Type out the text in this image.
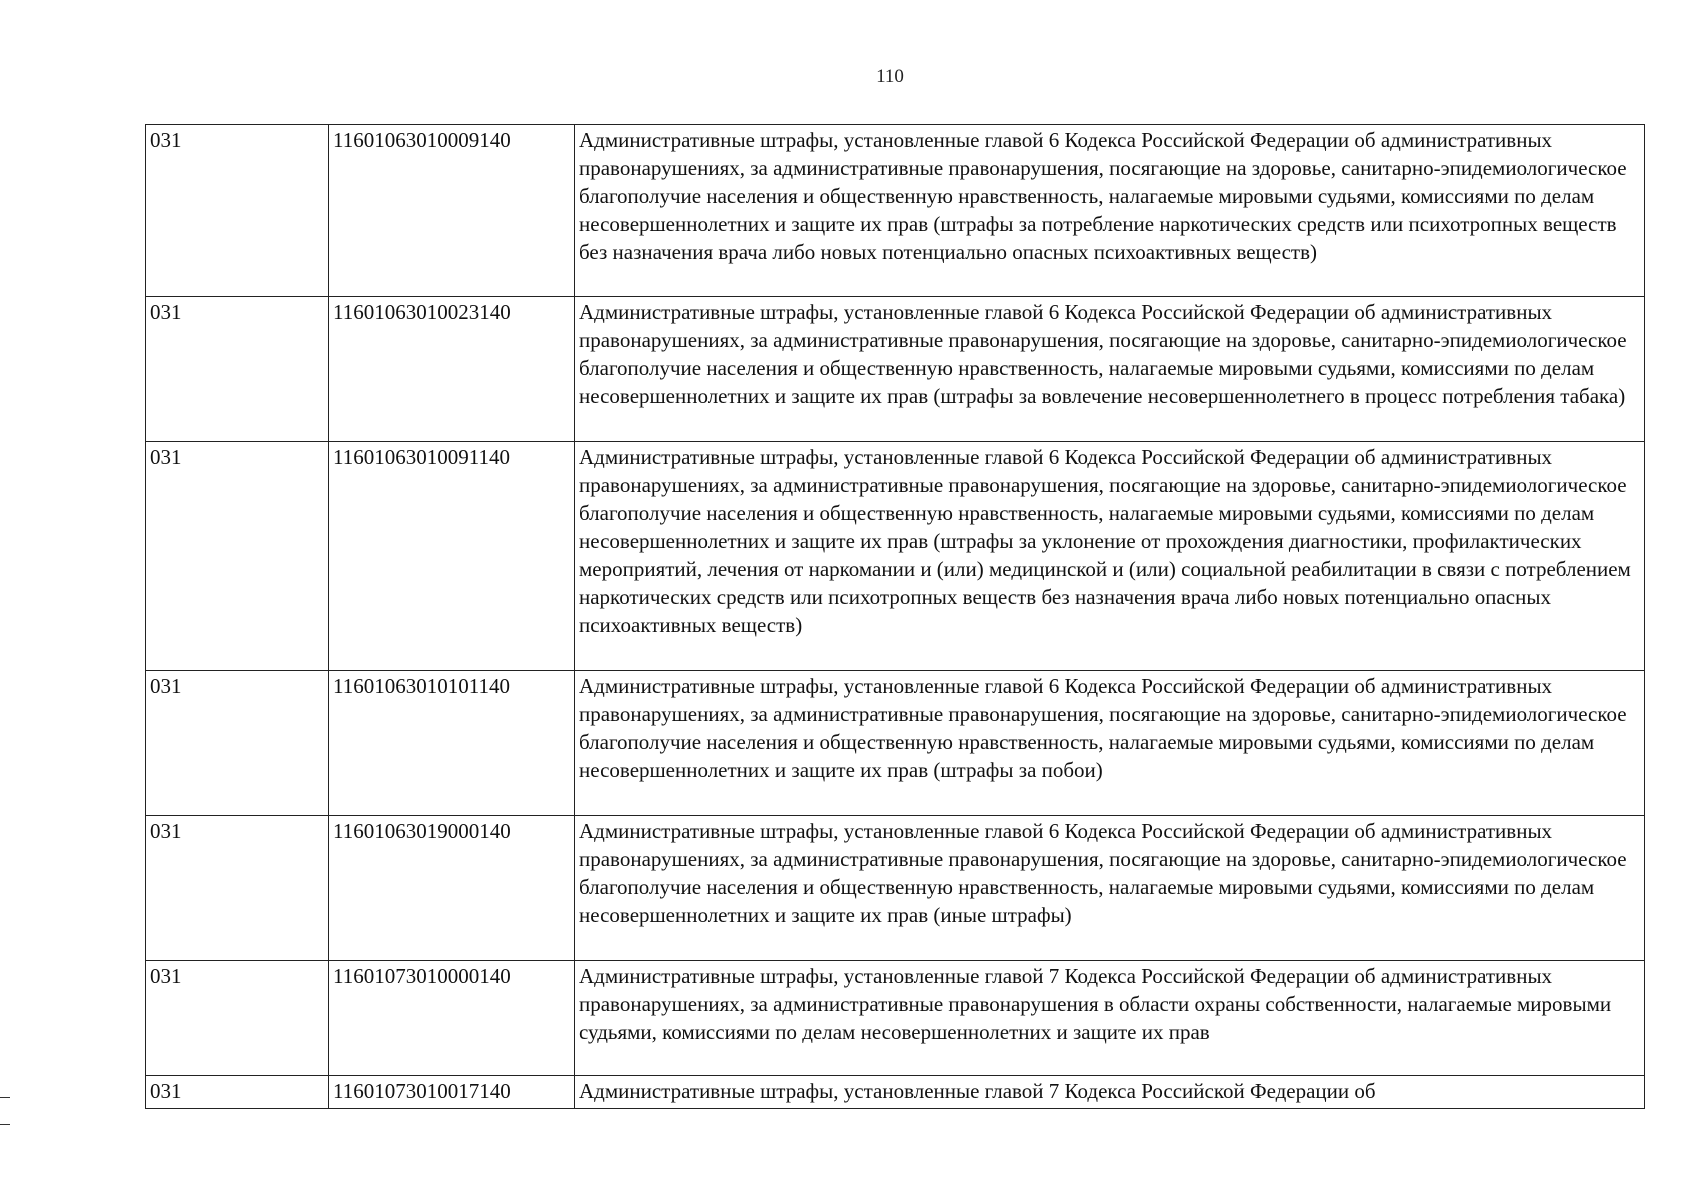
110
031	11601063010009140	Административные штрафы, установленные главой 6 Кодекса Российской Федерации об административных правонарушениях, за административные правонарушения, посягающие на здоровье, санитарно-эпидемиологическое благополучие населения и общественную нравственность, налагаемые мировыми судьями, комиссиями по делам несовершеннолетних и защите их прав (штрафы за потребление наркотических средств или психотропных веществ без назначения врача либо новых потенциально опасных психоактивных веществ)
031	11601063010023140	Административные штрафы, установленные главой 6 Кодекса Российской Федерации об административных правонарушениях, за административные правонарушения, посягающие на здоровье, санитарно-эпидемиологическое благополучие населения и общественную нравственность, налагаемые мировыми судьями, комиссиями по делам несовершеннолетних и защите их прав (штрафы за вовлечение несовершеннолетнего в процесс потребления табака)
031	11601063010091140	Административные штрафы, установленные главой 6 Кодекса Российской Федерации об административных правонарушениях, за административные правонарушения, посягающие на здоровье, санитарно-эпидемиологическое благополучие населения и общественную нравственность, налагаемые мировыми судьями, комиссиями по делам несовершеннолетних и защите их прав (штрафы за уклонение от прохождения диагностики, профилактических мероприятий, лечения от наркомании и (или) медицинской и (или) социальной реабилитации в связи с потреблением наркотических средств или психотропных веществ без назначения врача либо новых потенциально опасных психоактивных веществ)
031	11601063010101140	Административные штрафы, установленные главой 6 Кодекса Российской Федерации об административных правонарушениях, за административные правонарушения, посягающие на здоровье, санитарно-эпидемиологическое благополучие населения и общественную нравственность, налагаемые мировыми судьями, комиссиями по делам несовершеннолетних и защите их прав (штрафы за побои)
031	11601063019000140	Административные штрафы, установленные главой 6 Кодекса Российской Федерации об административных правонарушениях, за административные правонарушения, посягающие на здоровье, санитарно-эпидемиологическое благополучие населения и общественную нравственность, налагаемые мировыми судьями, комиссиями по делам несовершеннолетних и защите их прав (иные штрафы)
031	11601073010000140	Административные штрафы, установленные главой 7 Кодекса Российской Федерации об административных правонарушениях, за административные правонарушения в области охраны собственности, налагаемые мировыми судьями, комиссиями по делам несовершеннолетних и защите их прав
031	11601073010017140	Административные штрафы, установленные главой 7 Кодекса Российской Федерации об
